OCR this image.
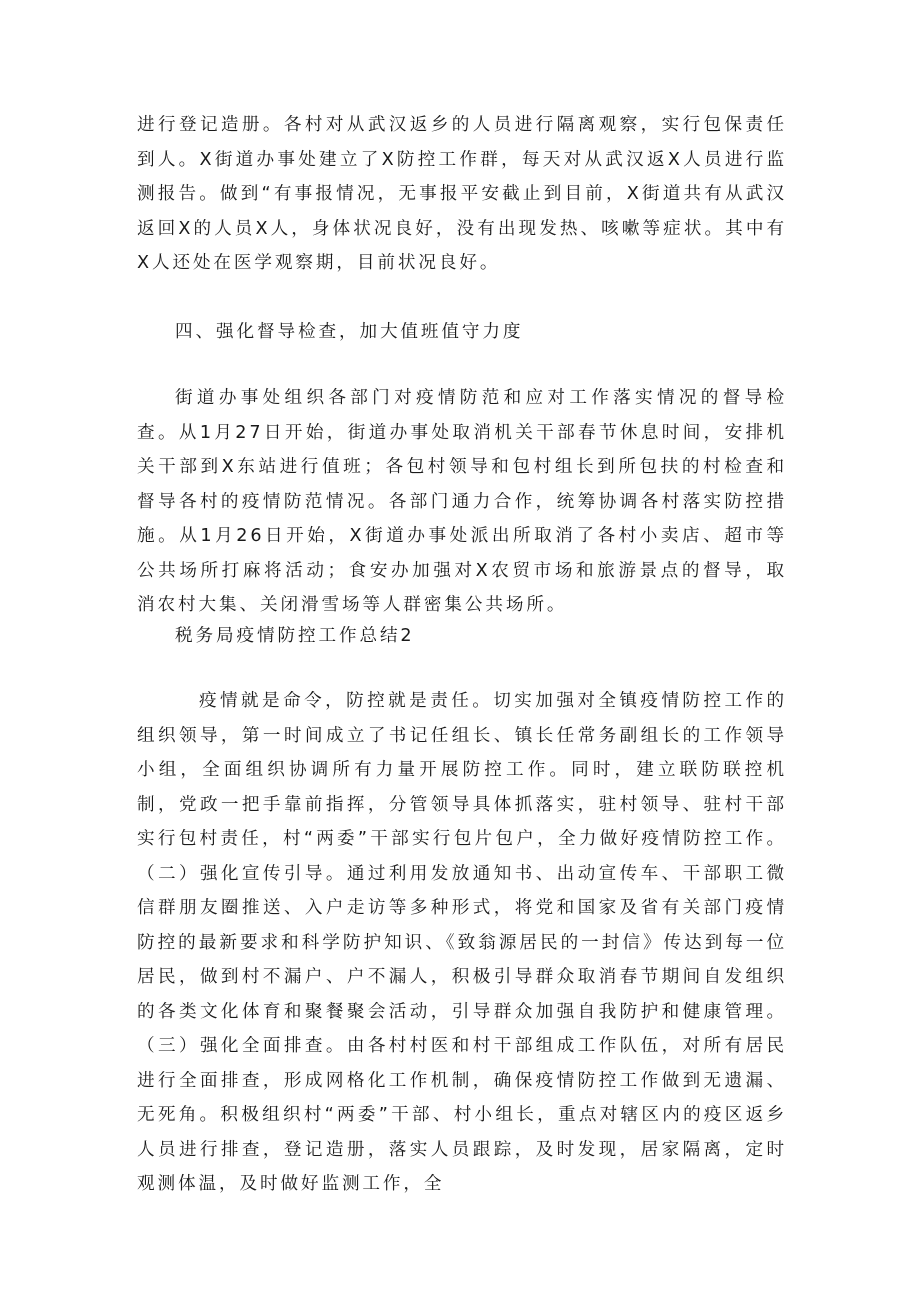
进行登记造册。各村对从武汉返乡的人员进行隔离观察，实行包保责任到人。X街道办事处建立了X防控工作群，每天对从武汉返X人员进行监测报告。做到“有事报情况，无事报平安截止到目前，X街道共有从武汉返回X的人员X人，身体状况良好，没有出现发热、咳嗽等症状。其中有X人还处在医学观察期，目前状况良好。

四、强化督导检查，加大值班值守力度

街道办事处组织各部门对疫情防范和应对工作落实情况的督导检查。从1月27日开始，街道办事处取消机关干部春节休息时间，安排机关干部到X东站进行值班；各包村领导和包村组长到所包扶的村检查和督导各村的疫情防范情况。各部门通力合作，统筹协调各村落实防控措施。从1月26日开始，X街道办事处派出所取消了各村小卖店、超市等公共场所打麻将活动；食安办加强对X农贸市场和旅游景点的督导，取消农村大集、关闭滑雪场等人群密集公共场所。

税务局疫情防控工作总结2

疫情就是命令，防控就是责任。切实加强对全镇疫情防控工作的组织领导，第一时间成立了书记任组长、镇长任常务副组长的工作领导小组，全面组织协调所有力量开展防控工作。同时，建立联防联控机制，党政一把手靠前指挥，分管领导具体抓落实，驻村领导、驻村干部实行包村责任，村“两委”干部实行包片包户，全力做好疫情防控工作。（二）强化宣传引导。通过利用发放通知书、出动宣传车、干部职工微信群朋友圈推送、入户走访等多种形式，将党和国家及省有关部门疫情防控的最新要求和科学防护知识、《致翁源居民的一封信》传达到每一位居民，做到村不漏户、户不漏人，积极引导群众取消春节期间自发组织的各类文化体育和聚餐聚会活动，引导群众加强自我防护和健康管理。（三）强化全面排查。由各村村医和村干部组成工作队伍，对所有居民进行全面排查，形成网格化工作机制，确保疫情防控工作做到无遗漏、无死角。积极组织村“两委”干部、村小组长，重点对辖区内的疫区返乡人员进行排查，登记造册，落实人员跟踪，及时发现，居家隔离，定时观测体温，及时做好监测工作，全
